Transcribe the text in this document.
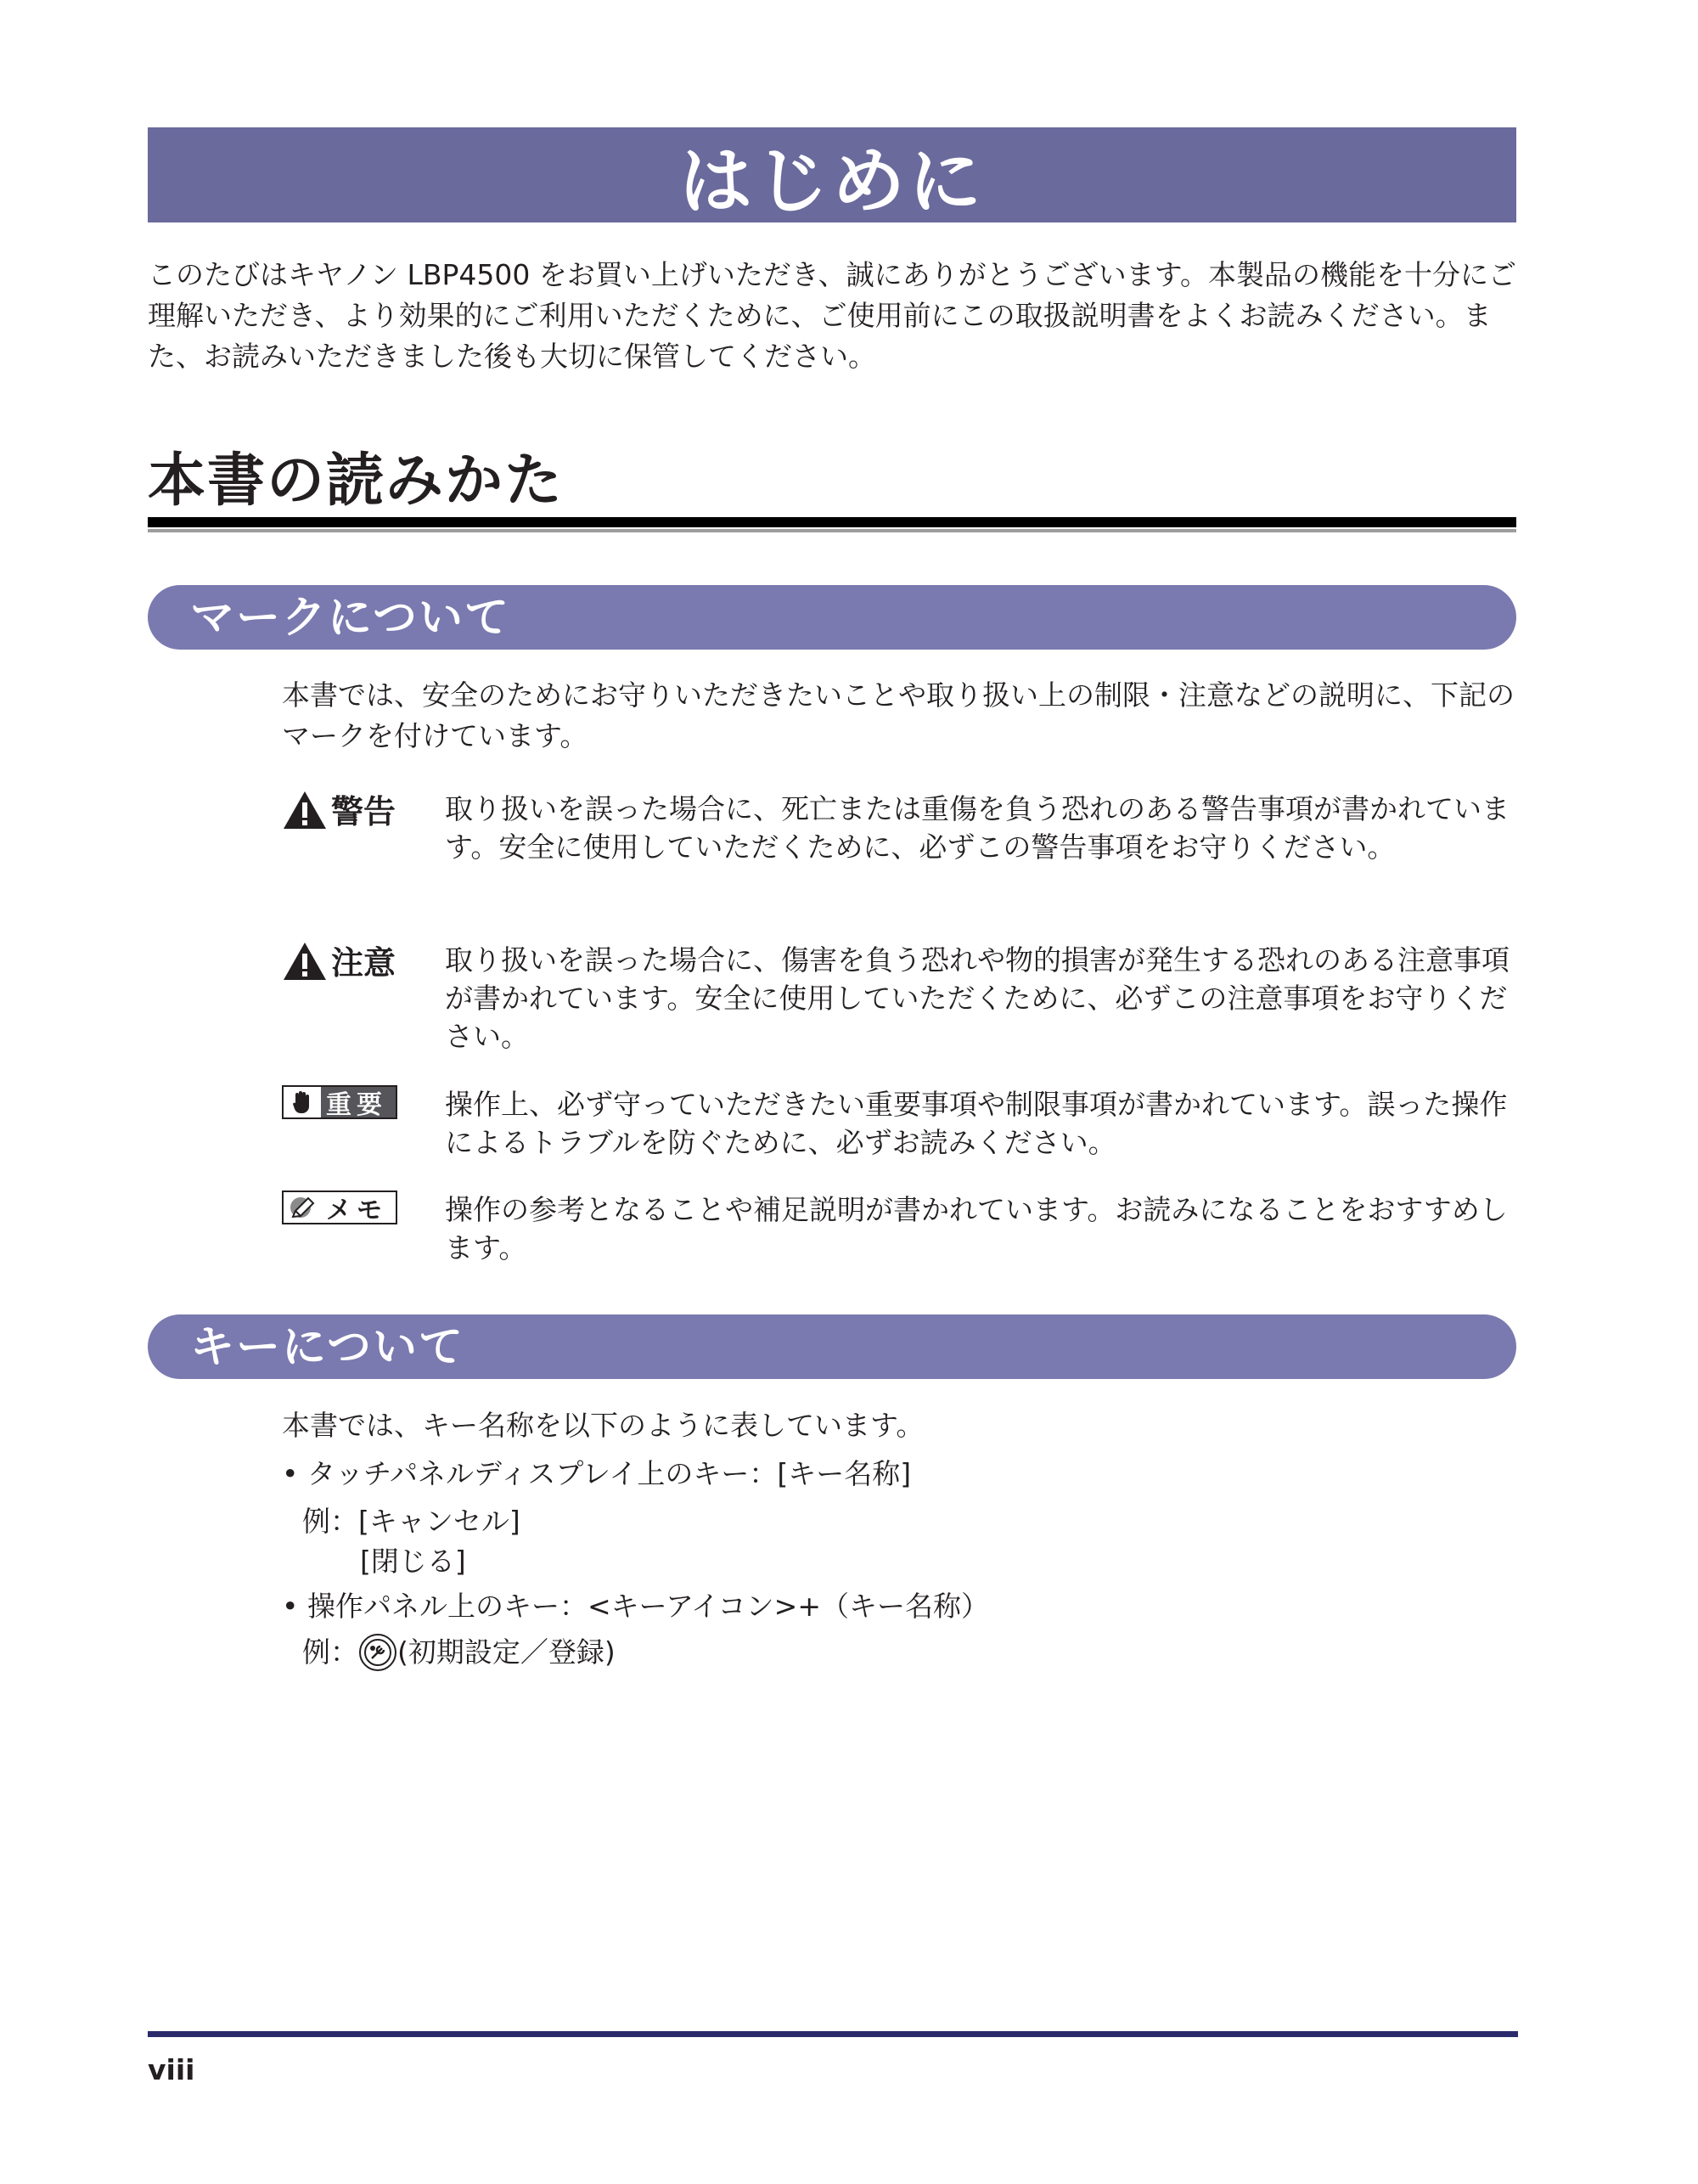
はじめに
このたびはキヤノン LBP4500 をお買い上げいただき、誠にありがとうございます。本製品の機能を十分にご理解いただき、より効果的にご利用いただくために、ご使用前にこの取扱説明書をよくお読みください。また、お読みいただきました後も大切に保管してください。
本書の読みかた
マークについて
本書では、安全のためにお守りいただきたいことや取り扱い上の制限・注意などの説明に、下記のマークを付けています。
警告 取り扱いを誤った場合に、死亡または重傷を負う恐れのある警告事項が書かれています。安全に使用していただくために、必ずこの警告事項をお守りください。
注意 取り扱いを誤った場合に、傷害を負う恐れや物的損害が発生する恐れのある注意事項が書かれています。安全に使用していただくために、必ずこの注意事項をお守りください。
重要 操作上、必ず守っていただきたい重要事項や制限事項が書かれています。誤った操作によるトラブルを防ぐために、必ずお読みください。
メモ 操作の参考となることや補足説明が書かれています。お読みになることをおすすめします。
キーについて
本書では、キー名称を以下のように表しています。
• タッチパネルディスプレイ上のキー：[キー名称]
例：[キャンセル]
[閉じる]
• 操作パネル上のキー：<キーアイコン>+（キー名称）
例： (初期設定／登録)
viii
